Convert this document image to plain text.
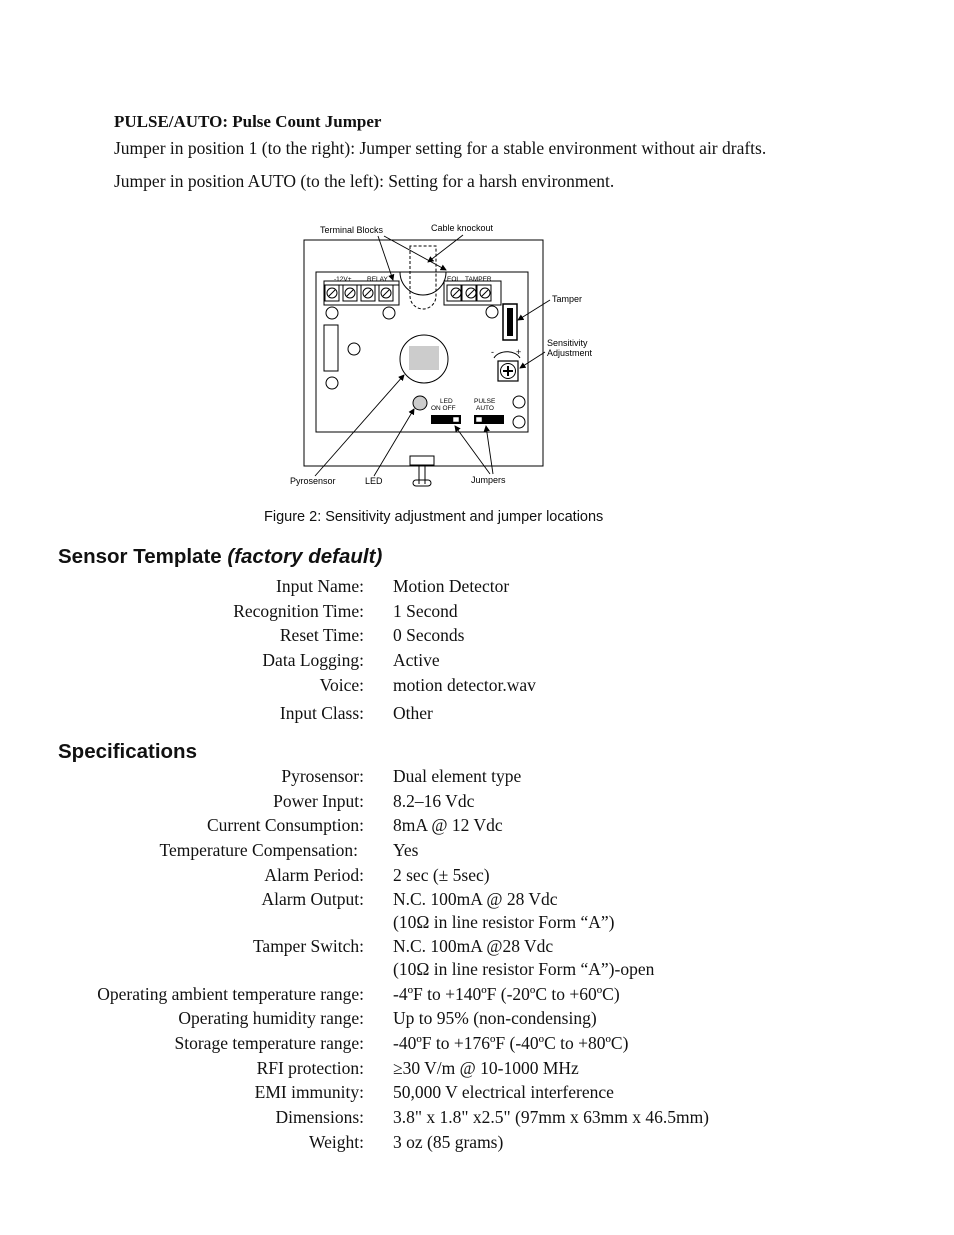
PULSE/AUTO: Pulse Count Jumper
Jumper in position 1 (to the right): Jumper setting for a stable environment without air drafts.
Jumper in position AUTO (to the left): Setting for a harsh environment.
-12V+ RELAY	EOL TAMPER
- +
LED
ON OFF
PULSE
AUTO
Terminal Blocks	Cable knockout
Tamper
Sensitivity
Adjustment
Pyrosensor	LED	Jumpers
Figure 2: Sensitivity adjustment and jumper locations
Sensor Template (factory default)
Input Name: Motion Detector
Recognition Time: 1 Second
Reset Time: 0 Seconds
Data Logging: Active
Voice: motion detector.wav
Input Class: Other
Specifications
Pyrosensor: Dual element type
Power Input: 8.2–16 Vdc
Current Consumption: 8mA @ 12 Vdc
Temperature Compensation: Yes
Alarm Period: 2 sec (± 5sec)
Alarm Output: N.C. 100mA @ 28 Vdc
(10Ω in line resistor Form “A”)
Tamper Switch: N.C. 100mA @28 Vdc
(10Ω in line resistor Form “A”)-open
Operating ambient temperature range: -4ºF to +140ºF (-20ºC to +60ºC)
Operating humidity range: Up to 95% (non-condensing)
Storage temperature range: -40ºF to +176ºF (-40ºC to +80ºC)
RFI protection: ≥30 V/m @ 10-1000 MHz
EMI immunity: 50,000 V electrical interference
Dimensions: 3.8" x 1.8" x2.5" (97mm x 63mm x 46.5mm)
Weight: 3 oz (85 grams)
